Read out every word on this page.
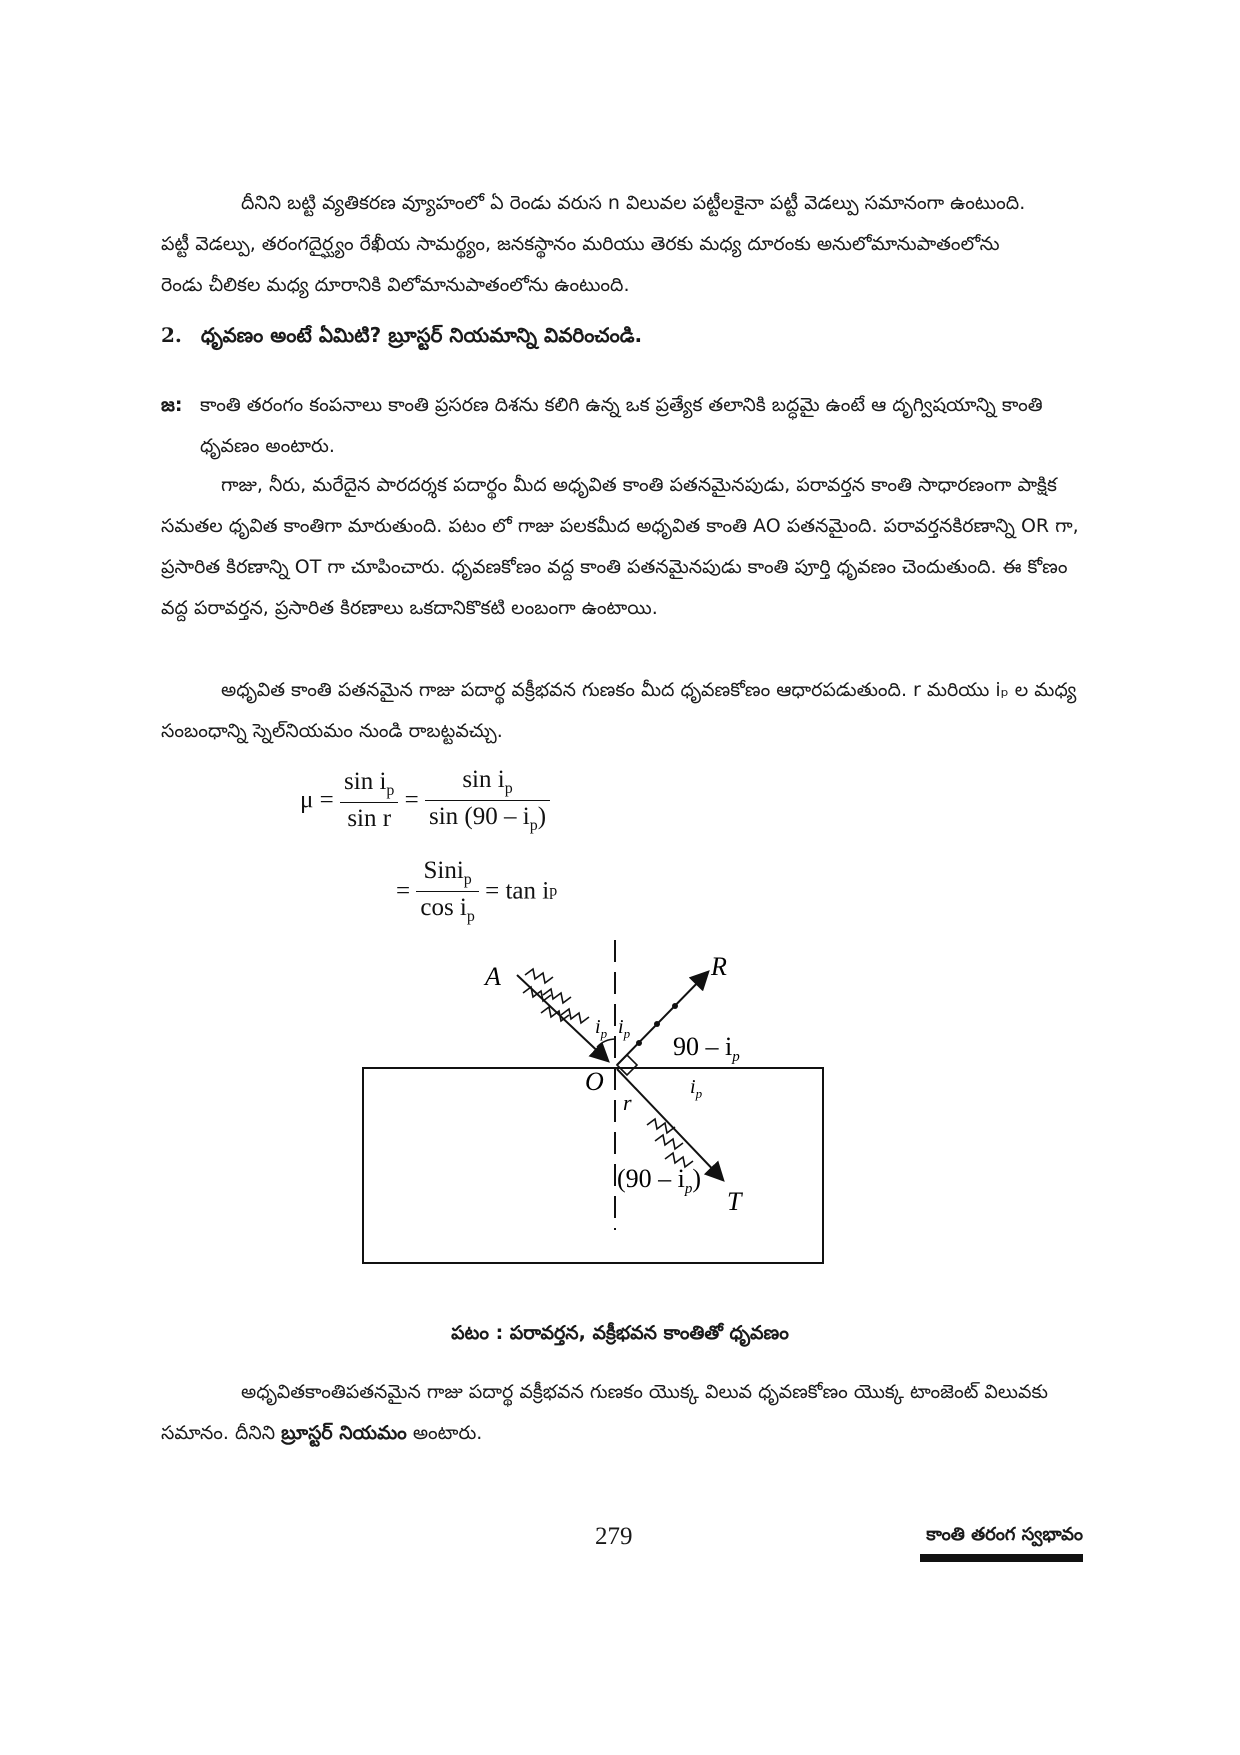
దీనిని బట్టి వ్యతికరణ వ్యూహంలో ఏ రెండు వరుస n విలువల పట్టీలకైనా పట్టీ వెడల్పు సమానంగా ఉంటుంది.
పట్టీ వెడల్పు, తరంగదైర్ఘ్యం రేఖీయ సామర్థ్యం, జనకస్థానం మరియు తెరకు మధ్య దూరంకు అనులోమానుపాతంలోను
రెండు చీలికల మధ్య దూరానికి విలోమానుపాతంలోను ఉంటుంది.

2. ధృవణం అంటే ఏమిటి? బ్రూస్టర్ నియమాన్ని వివరించండి.
జ: కాంతి తరంగం కంపనాలు కాంతి ప్రసరణ దిశను కలిగి ఉన్న ఒక ప్రత్యేక తలానికి బద్ధమై ఉంటే ఆ దృగ్విషయాన్ని కాంతి ధృవణం అంటారు.

గాజు, నీరు, మరేదైన పారదర్శక పదార్థం మీద అధృవిత కాంతి పతనమైనపుడు, పరావర్తన కాంతి సాధారణంగా పాక్షిక సమతల ధృవిత కాంతిగా మారుతుంది. పటం లో గాజు పలకమీద అధృవిత కాంతి AO పతనమైంది. పరావర్తనకిరణాన్ని OR గా, ప్రసారిత కిరణాన్ని OT గా చూపించారు. ధృవణకోణం వద్ద కాంతి పతనమైనపుడు కాంతి పూర్తి ధృవణం చెందుతుంది. ఈ కోణం వద్ద పరావర్తన, ప్రసారిత కిరణాలు ఒకదానికొకటి లంబంగా ఉంటాయి.

అధృవిత కాంతి పతనమైన గాజు పదార్థ వక్రీభవన గుణకం మీద ధృవణకోణం ఆధారపడుతుంది. r మరియు iₚ ల మధ్య సంబంధాన్ని స్నెల్‌నియమం నుండి రాబట్టవచ్చు.

$\mu = \frac{\sin i_p}{\text{sin r}} = \frac{\sin i_p}{\sin (90 - i_p)}$
= $\frac{Sini_p}{\cos i_p} = \tan$ ip
A	R
O
T
r
$i_p$ $i_p$
$i_p$
$90 - i_p$
$(90 - i_p)$
పటం : పరావర్తన, వక్రీభవన కాంతితో ధృవణం

అధృవితకాంతిపతనమైన గాజు పదార్థ వక్రీభవన గుణకం యొక్క విలువ ధృవణకోణం యొక్క టాంజెంట్ విలువకు సమానం. దీనిని బ్రూస్టర్ నియమం అంటారు.

279	కాంతి తరంగ స్వభావం
